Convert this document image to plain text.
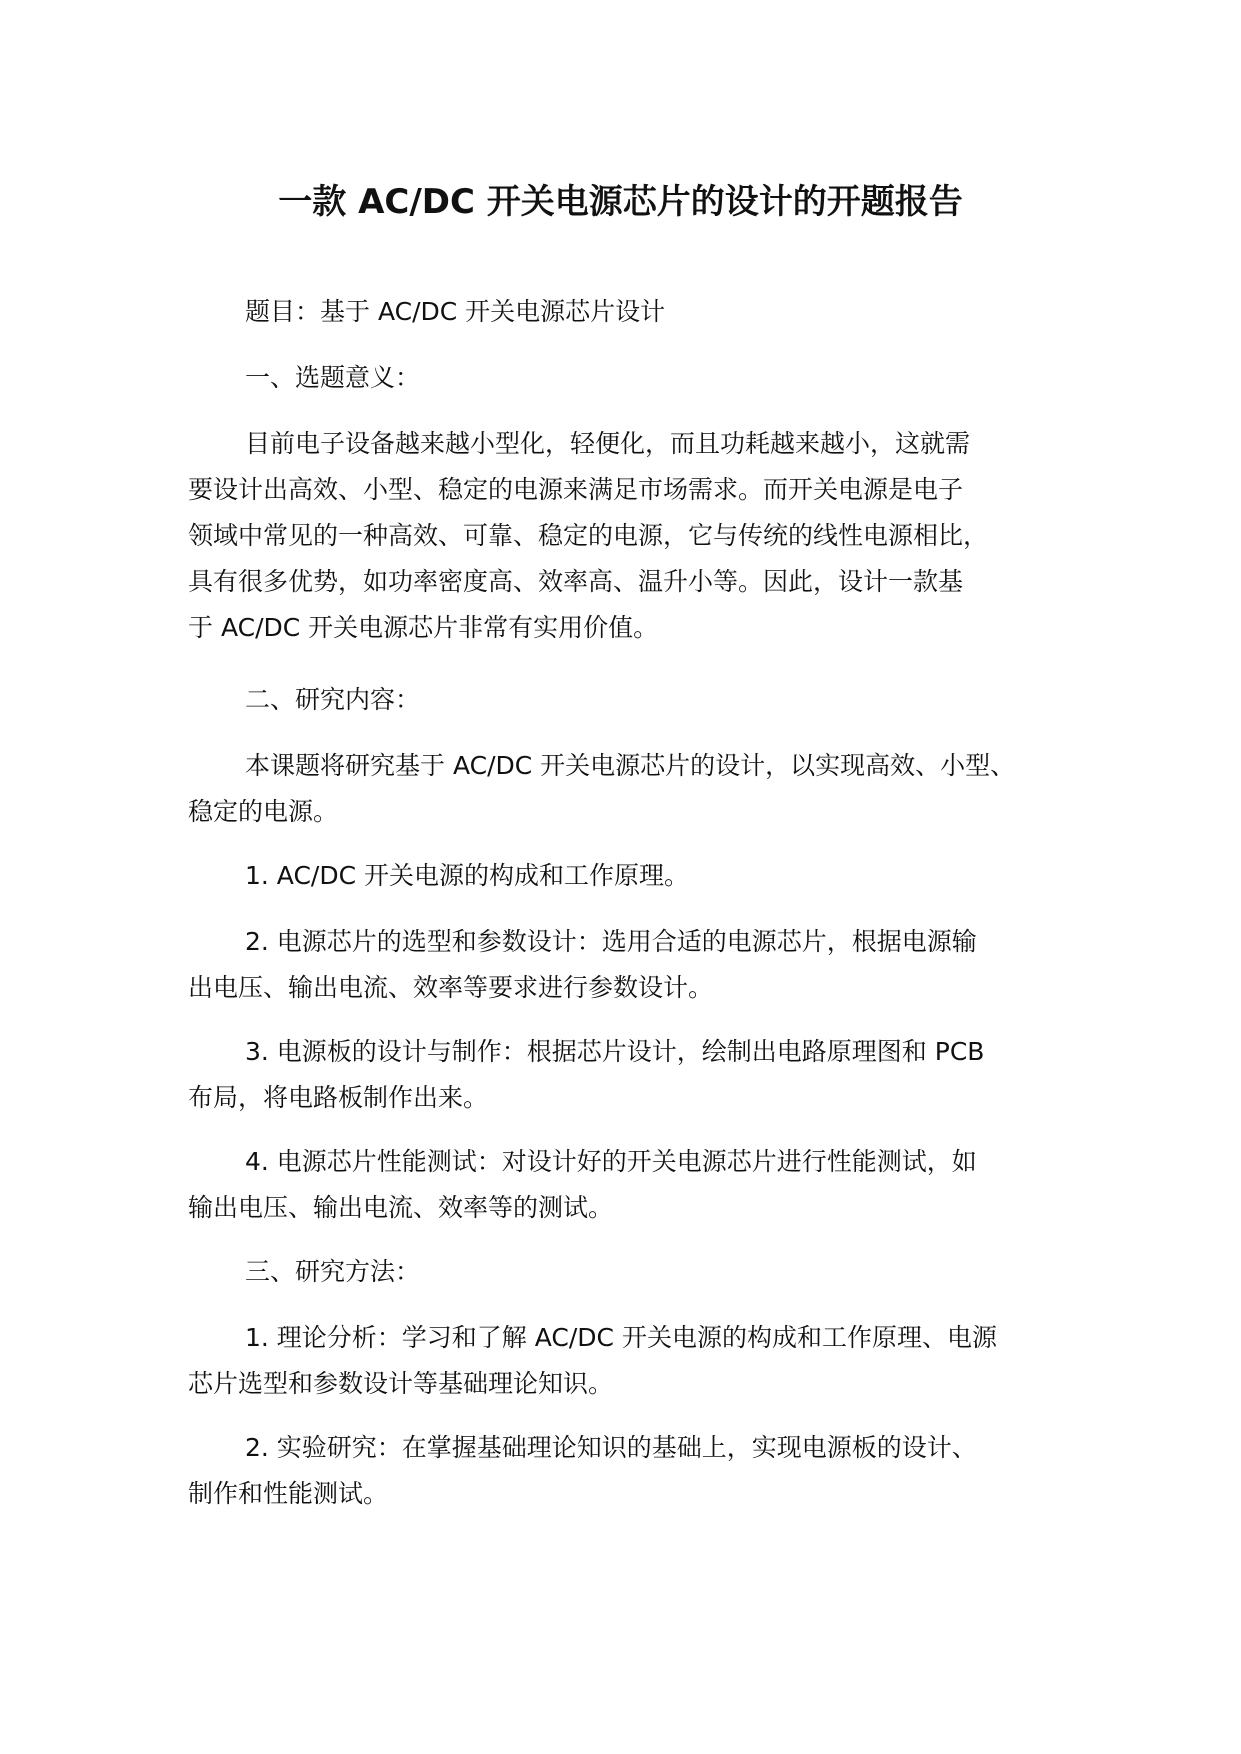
一款 AC/DC 开关电源芯片的设计的开题报告

题目：基于 AC/DC 开关电源芯片设计

一、选题意义：

目前电子设备越来越小型化，轻便化，而且功耗越来越小，这就需
要设计出高效、小型、稳定的电源来满足市场需求。而开关电源是电子
领域中常见的一种高效、可靠、稳定的电源，它与传统的线性电源相比，
具有很多优势，如功率密度高、效率高、温升小等。因此，设计一款基
于 AC/DC 开关电源芯片非常有实用价值。

二、研究内容：

本课题将研究基于 AC/DC 开关电源芯片的设计，以实现高效、小型、
稳定的电源。

1. AC/DC 开关电源的构成和工作原理。

2. 电源芯片的选型和参数设计：选用合适的电源芯片，根据电源输
出电压、输出电流、效率等要求进行参数设计。

3. 电源板的设计与制作：根据芯片设计，绘制出电路原理图和 PCB
布局，将电路板制作出来。

4. 电源芯片性能测试：对设计好的开关电源芯片进行性能测试，如
输出电压、输出电流、效率等的测试。

三、研究方法：

1. 理论分析：学习和了解 AC/DC 开关电源的构成和工作原理、电源
芯片选型和参数设计等基础理论知识。

2. 实验研究：在掌握基础理论知识的基础上，实现电源板的设计、
制作和性能测试。
